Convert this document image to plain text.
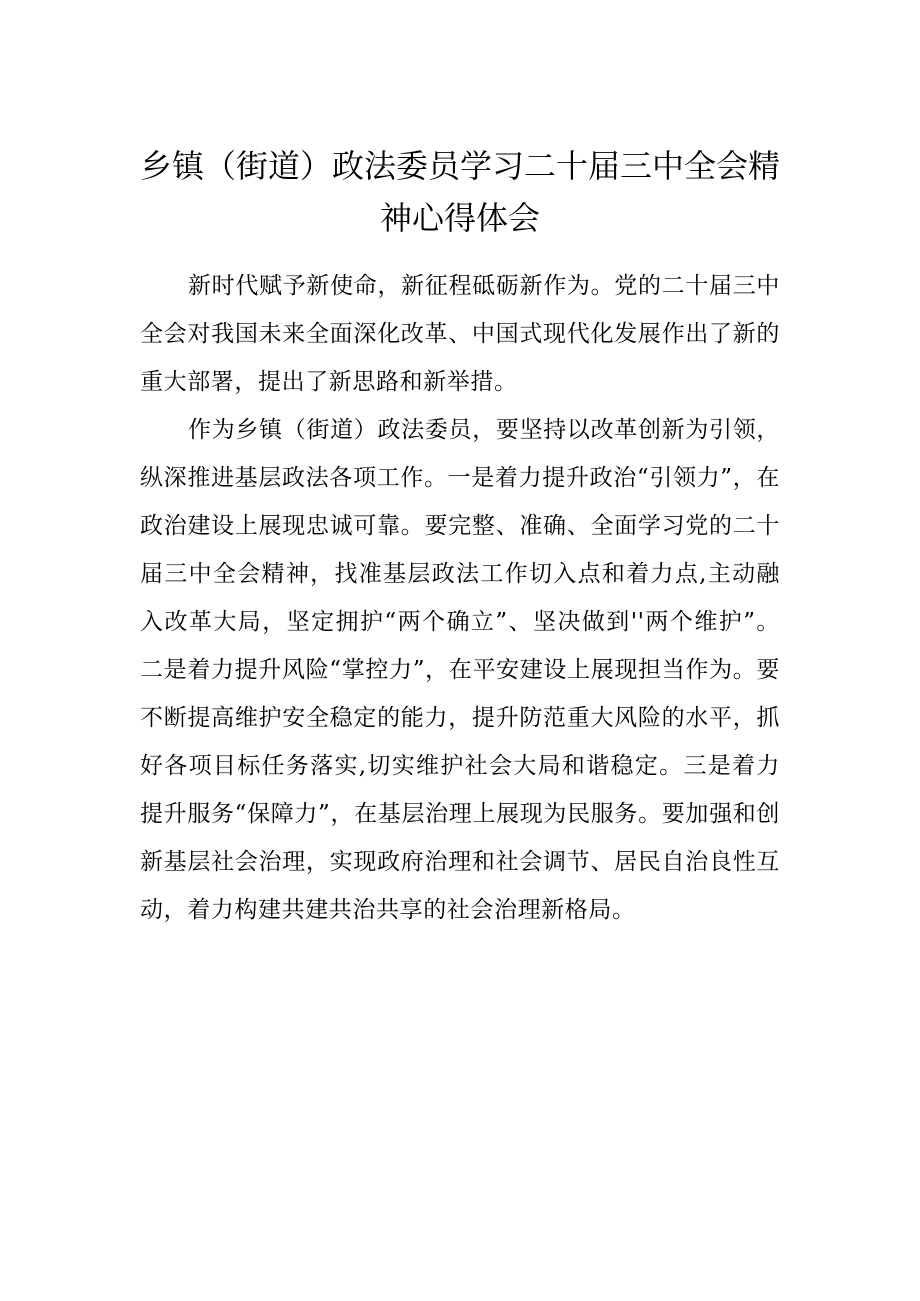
乡镇（街道）政法委员学习二十届三中全会精神心得体会

新时代赋予新使命，新征程砥砺新作为。党的二十届三中全会对我国未来全面深化改革、中国式现代化发展作出了新的重大部署，提出了新思路和新举措。

作为乡镇（街道）政法委员，要坚持以改革创新为引领，纵深推进基层政法各项工作。一是着力提升政治“引领力”，在政治建设上展现忠诚可靠。要完整、准确、全面学习党的二十届三中全会精神，找准基层政法工作切入点和着力点,主动融入改革大局，坚定拥护“两个确立”、坚决做到''两个维护”。二是着力提升风险“掌控力”，在平安建设上展现担当作为。要不断提高维护安全稳定的能力，提升防范重大风险的水平，抓好各项目标任务落实,切实维护社会大局和谐稳定。三是着力提升服务“保障力”，在基层治理上展现为民服务。要加强和创新基层社会治理，实现政府治理和社会调节、居民自治良性互动，着力构建共建共治共享的社会治理新格局。
